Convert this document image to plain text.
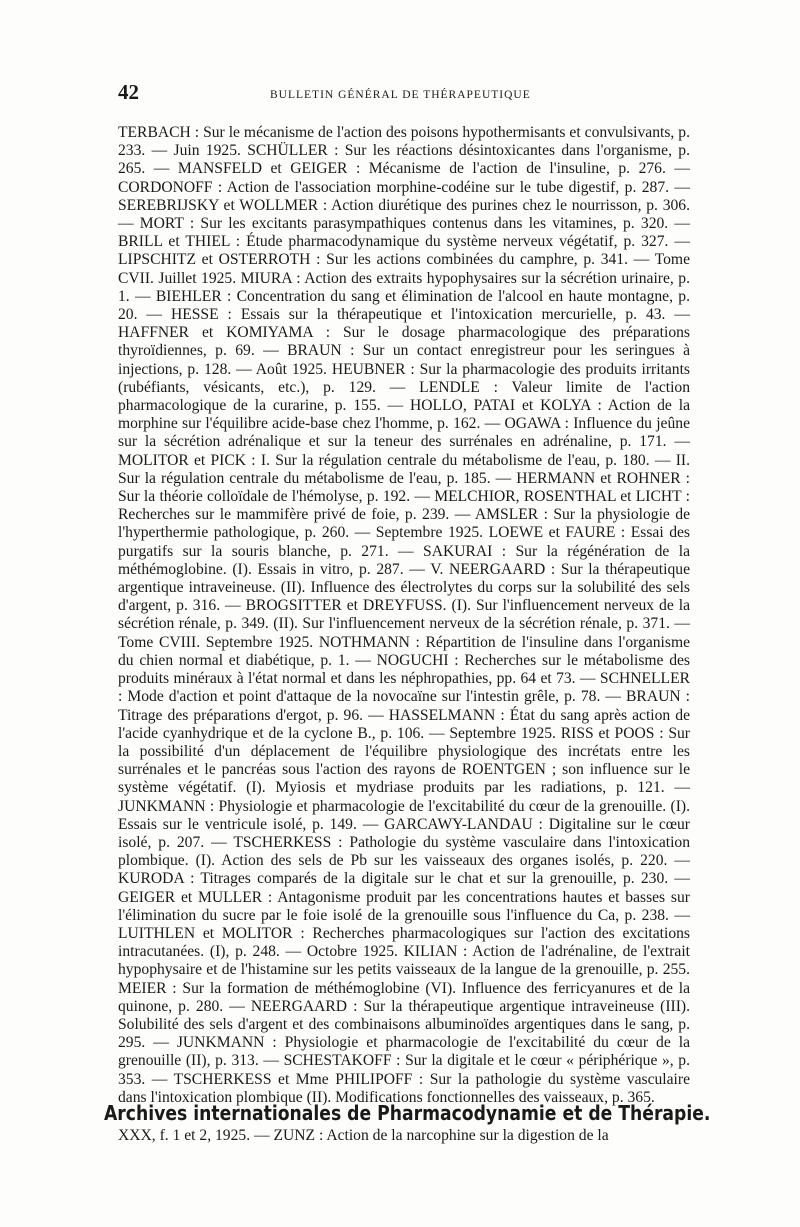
42	BULLETIN GÉNÉRAL DE THÉRAPEUTIQUE

TERBACH : Sur le mécanisme de l'action des poisons hypothermisants et convulsivants, p. 233. — Juin 1925. SCHÜLLER : Sur les réactions désintoxicantes dans l'organisme, p. 265. — MANSFELD et GEIGER : Mécanisme de l'action de l'insuline, p. 276. — CORDONOFF : Action de l'association morphine-codéine sur le tube digestif, p. 287. — SEREBRIJSKY et WOLLMER : Action diurétique des purines chez le nourrisson, p. 306. — MORT : Sur les excitants parasympathiques contenus dans les vitamines, p. 320. — BRILL et THIEL : Étude pharmacodynamique du système nerveux végétatif, p. 327. — LIPSCHITZ et OSTERROTH : Sur les actions combinées du camphre, p. 341. — Tome CVII. Juillet 1925. MIURA : Action des extraits hypophysaires sur la sécrétion urinaire, p. 1. — BIEHLER : Concentration du sang et élimination de l'alcool en haute montagne, p. 20. — HESSE : Essais sur la thérapeutique et l'intoxication mercurielle, p. 43. — HAFFNER et KOMIYAMA : Sur le dosage pharmacologique des préparations thyroïdiennes, p. 69. — BRAUN : Sur un contact enregistreur pour les seringues à injections, p. 128. — Août 1925. HEUBNER : Sur la pharmacologie des produits irritants (rubéfiants, vésicants, etc.), p. 129. — LENDLE : Valeur limite de l'action pharmacologique de la curarine, p. 155. — HOLLO, PATAI et KOLYA : Action de la morphine sur l'équilibre acide-base chez l'homme, p. 162. — OGAWA : Influence du jeûne sur la sécrétion adrénalique et sur la teneur des surrénales en adrénaline, p. 171. — MOLITOR et PICK : I. Sur la régulation centrale du métabolisme de l'eau, p. 180. — II. Sur la régulation centrale du métabolisme de l'eau, p. 185. — HERMANN et ROHNER : Sur la théorie colloïdale de l'hémolyse, p. 192. — MELCHIOR, ROSENTHAL et LICHT : Recherches sur le mammifère privé de foie, p. 239. — AMSLER : Sur la physiologie de l'hyperthermie pathologique, p. 260. — Septembre 1925. LOEWE et FAURE : Essai des purgatifs sur la souris blanche, p. 271. — SAKURAI : Sur la régénération de la méthémoglobine. (I). Essais in vitro, p. 287. — V. NEERGAARD : Sur la thérapeutique argentique intraveineuse. (II). Influence des électrolytes du corps sur la solubilité des sels d'argent, p. 316. — BROGSITTER et DREYFUSS. (I). Sur l'influencement nerveux de la sécrétion rénale, p. 349. (II). Sur l'influencement nerveux de la sécrétion rénale, p. 371. — Tome CVIII. Septembre 1925. NOTHMANN : Répartition de l'insuline dans l'organisme du chien normal et diabétique, p. 1. — NOGUCHI : Recherches sur le métabolisme des produits minéraux à l'état normal et dans les néphropathies, pp. 64 et 73. — SCHNELLER : Mode d'action et point d'attaque de la novocaïne sur l'intestin grêle, p. 78. — BRAUN : Titrage des préparations d'ergot, p. 96. — HASSELMANN : État du sang après action de l'acide cyanhydrique et de la cyclone B., p. 106. — Septembre 1925. RISS et POOS : Sur la possibilité d'un déplacement de l'équilibre physiologique des incrétats entre les surrénales et le pancréas sous l'action des rayons de ROENTGEN ; son influence sur le système végétatif. (I). Myiosis et mydriase produits par les radiations, p. 121. — JUNKMANN : Physiologie et pharmacologie de l'excitabilité du cœur de la grenouille. (I). Essais sur le ventricule isolé, p. 149. — GARCAWY-LANDAU : Digitaline sur le cœur isolé, p. 207. — TSCHERKESS : Pathologie du système vasculaire dans l'intoxication plombique. (I). Action des sels de Pb sur les vaisseaux des organes isolés, p. 220. — KURODA : Titrages comparés de la digitale sur le chat et sur la grenouille, p. 230. — GEIGER et MULLER : Antagonisme produit par les concentrations hautes et basses sur l'élimination du sucre par le foie isolé de la grenouille sous l'influence du Ca, p. 238. — LUITHLEN et MOLITOR : Recherches pharmacologiques sur l'action des excitations intracutanées. (I), p. 248. — Octobre 1925. KILIAN : Action de l'adrénaline, de l'extrait hypophysaire et de l'histamine sur les petits vaisseaux de la langue de la grenouille, p. 255. MEIER : Sur la formation de méthémoglobine (VI). Influence des ferricyanures et de la quinone, p. 280. — NEERGAARD : Sur la thérapeutique argentique intraveineuse (III). Solubilité des sels d'argent et des combinaisons albuminoïdes argentiques dans le sang, p. 295. — JUNKMANN : Physiologie et pharmacologie de l'excitabilité du cœur de la grenouille (II), p. 313. — SCHESTAKOFF : Sur la digitale et le cœur « périphérique », p. 353. — TSCHERKESS et Mme PHILIPOFF : Sur la pathologie du système vasculaire dans l'intoxication plombique (II). Modifications fonctionnelles des vaisseaux, p. 365.

Archives internationales de Pharmacodynamie et de Thérapie.
XXX, f. 1 et 2, 1925. — ZUNZ : Action de la narcophine sur la digestion de la
